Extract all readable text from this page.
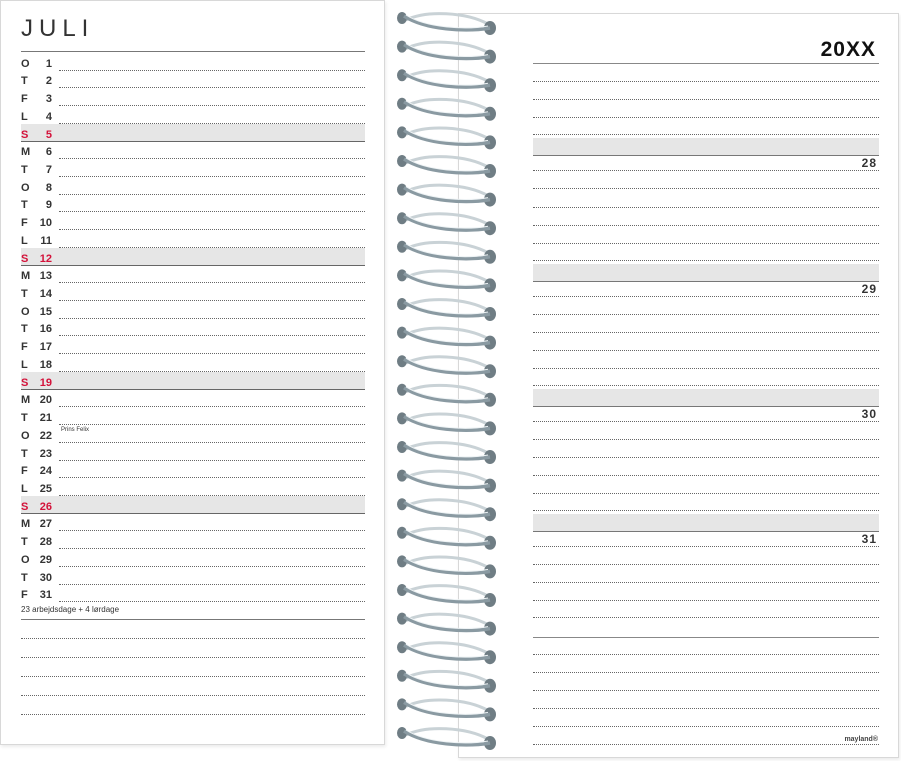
JULI
O	1
T	2
F	3
L	4
S	5
M	6
T	7
O	8
T	9
F	10
L	11
S	12
M 13
T	14
O 15
T	16
F	17
L	18
S	19
M 20
T	21
O 22 Prins Felix
T	23
F	24
L	25
S	26
M 27
T	28
O 29
T	30
F	31
23 arbejdsdage + 4 lørdage
20XX
28
29
30
31
mayland®
